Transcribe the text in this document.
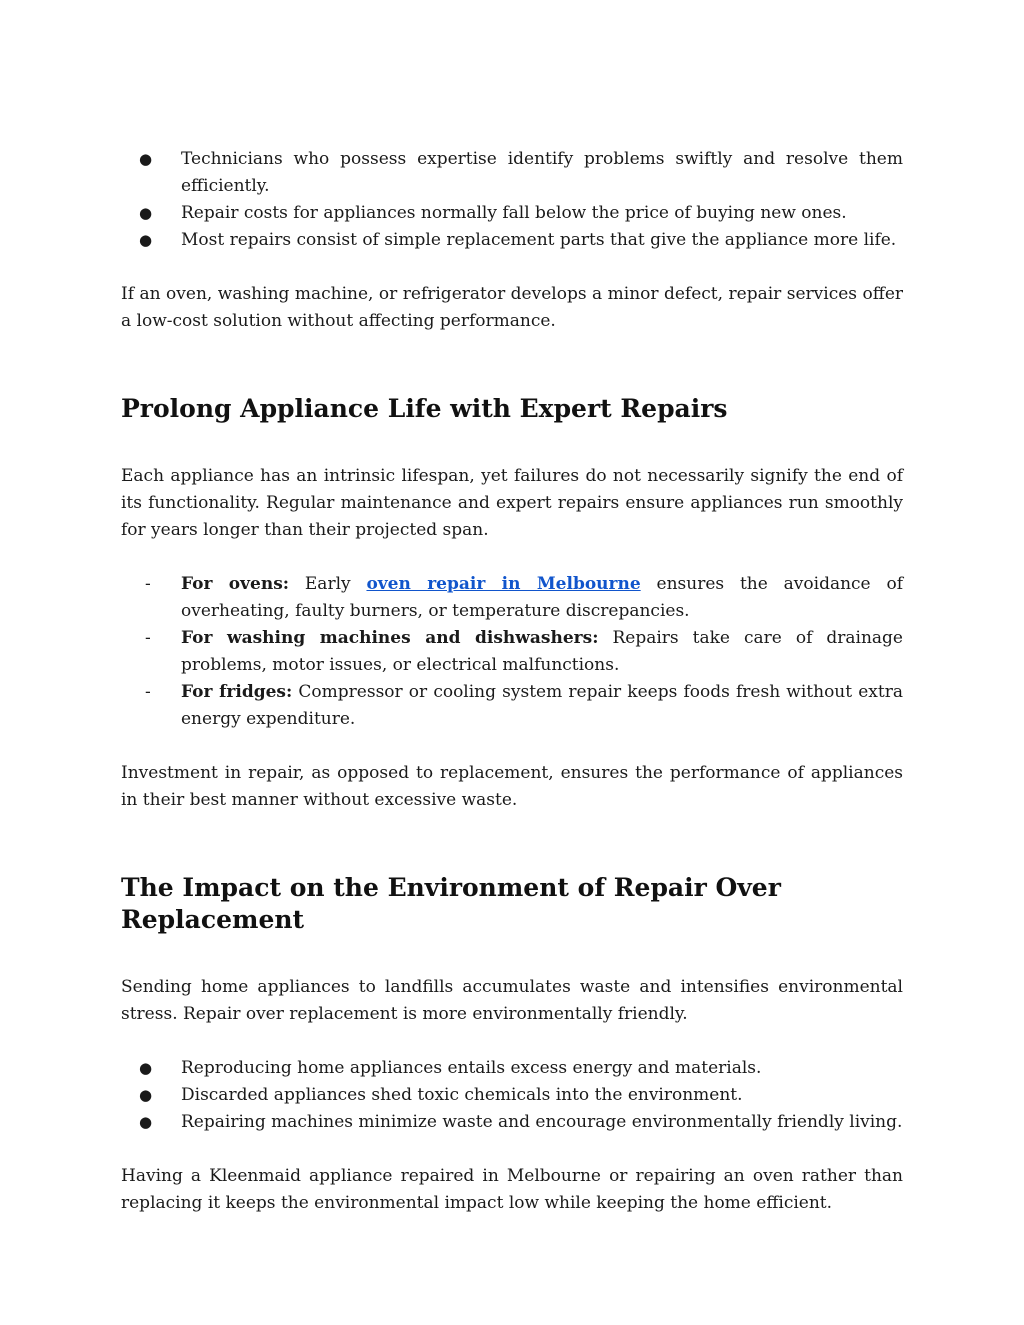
● Technicians who possess expertise identify problems swiftly and resolve them efficiently.
● Repair costs for appliances normally fall below the price of buying new ones.
● Most repairs consist of simple replacement parts that give the appliance more life.

If an oven, washing machine, or refrigerator develops a minor defect, repair services offer a low-cost solution without affecting performance.

Prolong Appliance Life with Expert Repairs

Each appliance has an intrinsic lifespan, yet failures do not necessarily signify the end of its functionality. Regular maintenance and expert repairs ensure appliances run smoothly for years longer than their projected span.

- For ovens: Early oven repair in Melbourne ensures the avoidance of overheating, faulty burners, or temperature discrepancies.
- For washing machines and dishwashers: Repairs take care of drainage problems, motor issues, or electrical malfunctions.
- For fridges: Compressor or cooling system repair keeps foods fresh without extra energy expenditure.

Investment in repair, as opposed to replacement, ensures the performance of appliances in their best manner without excessive waste.

The Impact on the Environment of Repair Over Replacement

Sending home appliances to landfills accumulates waste and intensifies environmental stress. Repair over replacement is more environmentally friendly.

● Reproducing home appliances entails excess energy and materials.
● Discarded appliances shed toxic chemicals into the environment.
● Repairing machines minimize waste and encourage environmentally friendly living.

Having a Kleenmaid appliance repaired in Melbourne or repairing an oven rather than replacing it keeps the environmental impact low while keeping the home efficient.
